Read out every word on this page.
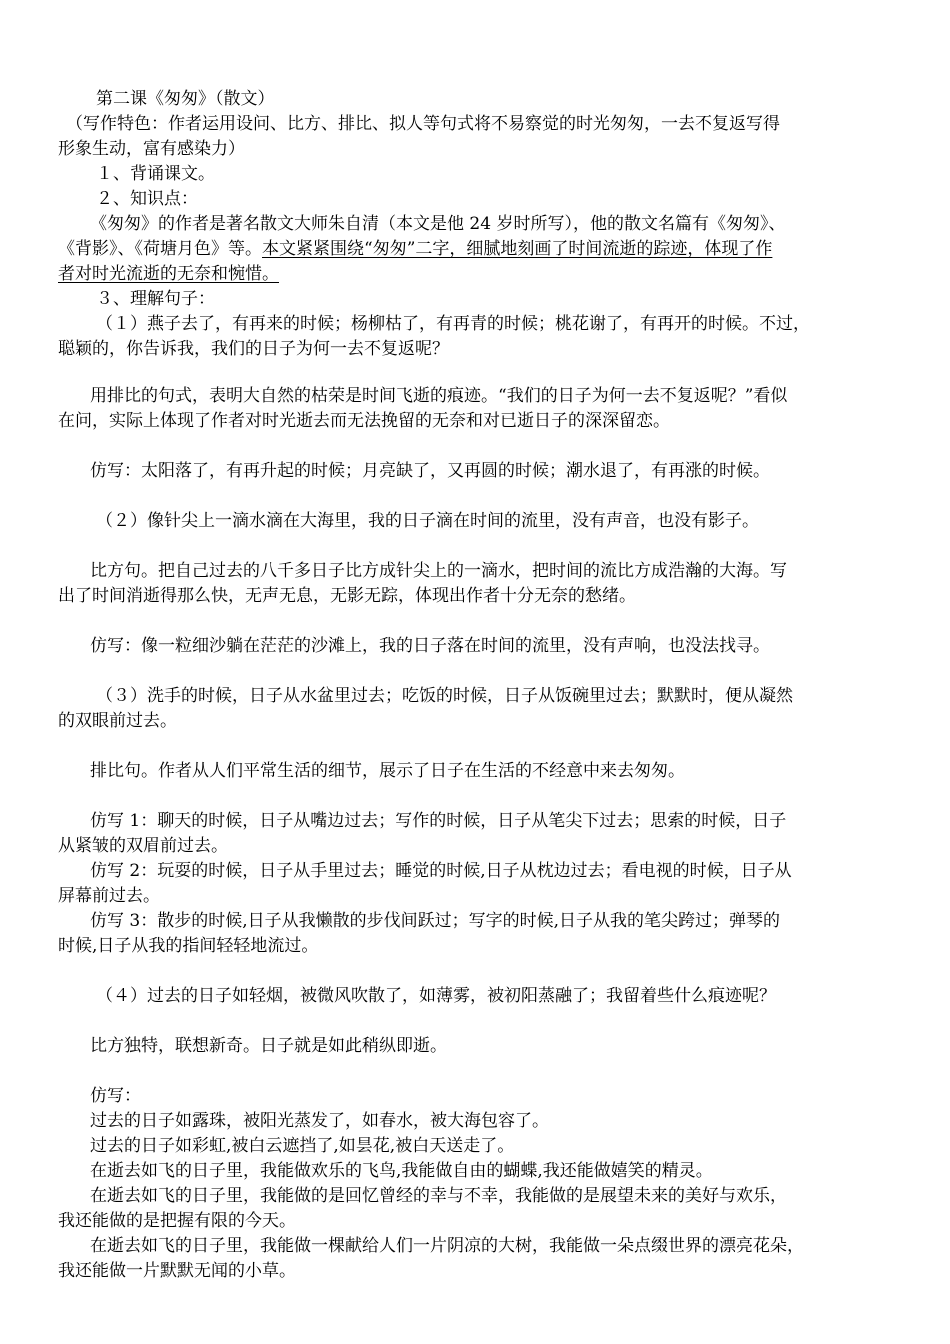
第二课《匆匆》（散文）
（写作特色：作者运用设问、比方、排比、拟人等句式将不易察觉的时光匆匆，一去不复返写得
形象生动，富有感染力）
１、背诵课文。
２、知识点：
《匆匆》的作者是著名散文大师朱自清（本文是他 24 岁时所写），他的散文名篇有《匆匆》、
《背影》、《荷塘月色》等。本文紧紧围绕“匆匆”二字，细腻地刻画了时间流逝的踪迹，体现了作
者对时光流逝的无奈和惋惜。
３、理解句子：
（１）燕子去了，有再来的时候；杨柳枯了，有再青的时候；桃花谢了，有再开的时候。不过，
聪颖的，你告诉我，我们的日子为何一去不复返呢？
用排比的句式，表明大自然的枯荣是时间飞逝的痕迹。“我们的日子为何一去不复返呢？”看似
在问，实际上体现了作者对时光逝去而无法挽留的无奈和对已逝日子的深深留恋。
仿写：太阳落了，有再升起的时候；月亮缺了，又再圆的时候；潮水退了，有再涨的时候。
（２）像针尖上一滴水滴在大海里，我的日子滴在时间的流里，没有声音，也没有影子。
比方句。把自己过去的八千多日子比方成针尖上的一滴水，把时间的流比方成浩瀚的大海。写
出了时间消逝得那么快，无声无息，无影无踪，体现出作者十分无奈的愁绪。
仿写：像一粒细沙躺在茫茫的沙滩上，我的日子落在时间的流里，没有声响，也没法找寻。
（３）洗手的时候，日子从水盆里过去；吃饭的时候，日子从饭碗里过去；默默时，便从凝然
的双眼前过去。
排比句。作者从人们平常生活的细节，展示了日子在生活的不经意中来去匆匆。
仿写 1：聊天的时候，日子从嘴边过去；写作的时候，日子从笔尖下过去；思索的时候，日子
从紧皱的双眉前过去。
仿写 2：玩耍的时候，日子从手里过去；睡觉的时候,日子从枕边过去；看电视的时候，日子从
屏幕前过去。
仿写 3：散步的时候,日子从我懒散的步伐间跃过；写字的时候,日子从我的笔尖跨过；弹琴的
时候,日子从我的指间轻轻地流过。
（４）过去的日子如轻烟，被微风吹散了，如薄雾，被初阳蒸融了；我留着些什么痕迹呢？
比方独特，联想新奇。日子就是如此稍纵即逝。
仿写：
过去的日子如露珠，被阳光蒸发了，如春水，被大海包容了。
过去的日子如彩虹,被白云遮挡了,如昙花,被白天送走了。
在逝去如飞的日子里，我能做欢乐的飞鸟,我能做自由的蝴蝶,我还能做嬉笑的精灵。
在逝去如飞的日子里，我能做的是回忆曾经的幸与不幸，我能做的是展望未来的美好与欢乐，
我还能做的是把握有限的今天。
在逝去如飞的日子里，我能做一棵献给人们一片阴凉的大树，我能做一朵点缀世界的漂亮花朵，
我还能做一片默默无闻的小草。
